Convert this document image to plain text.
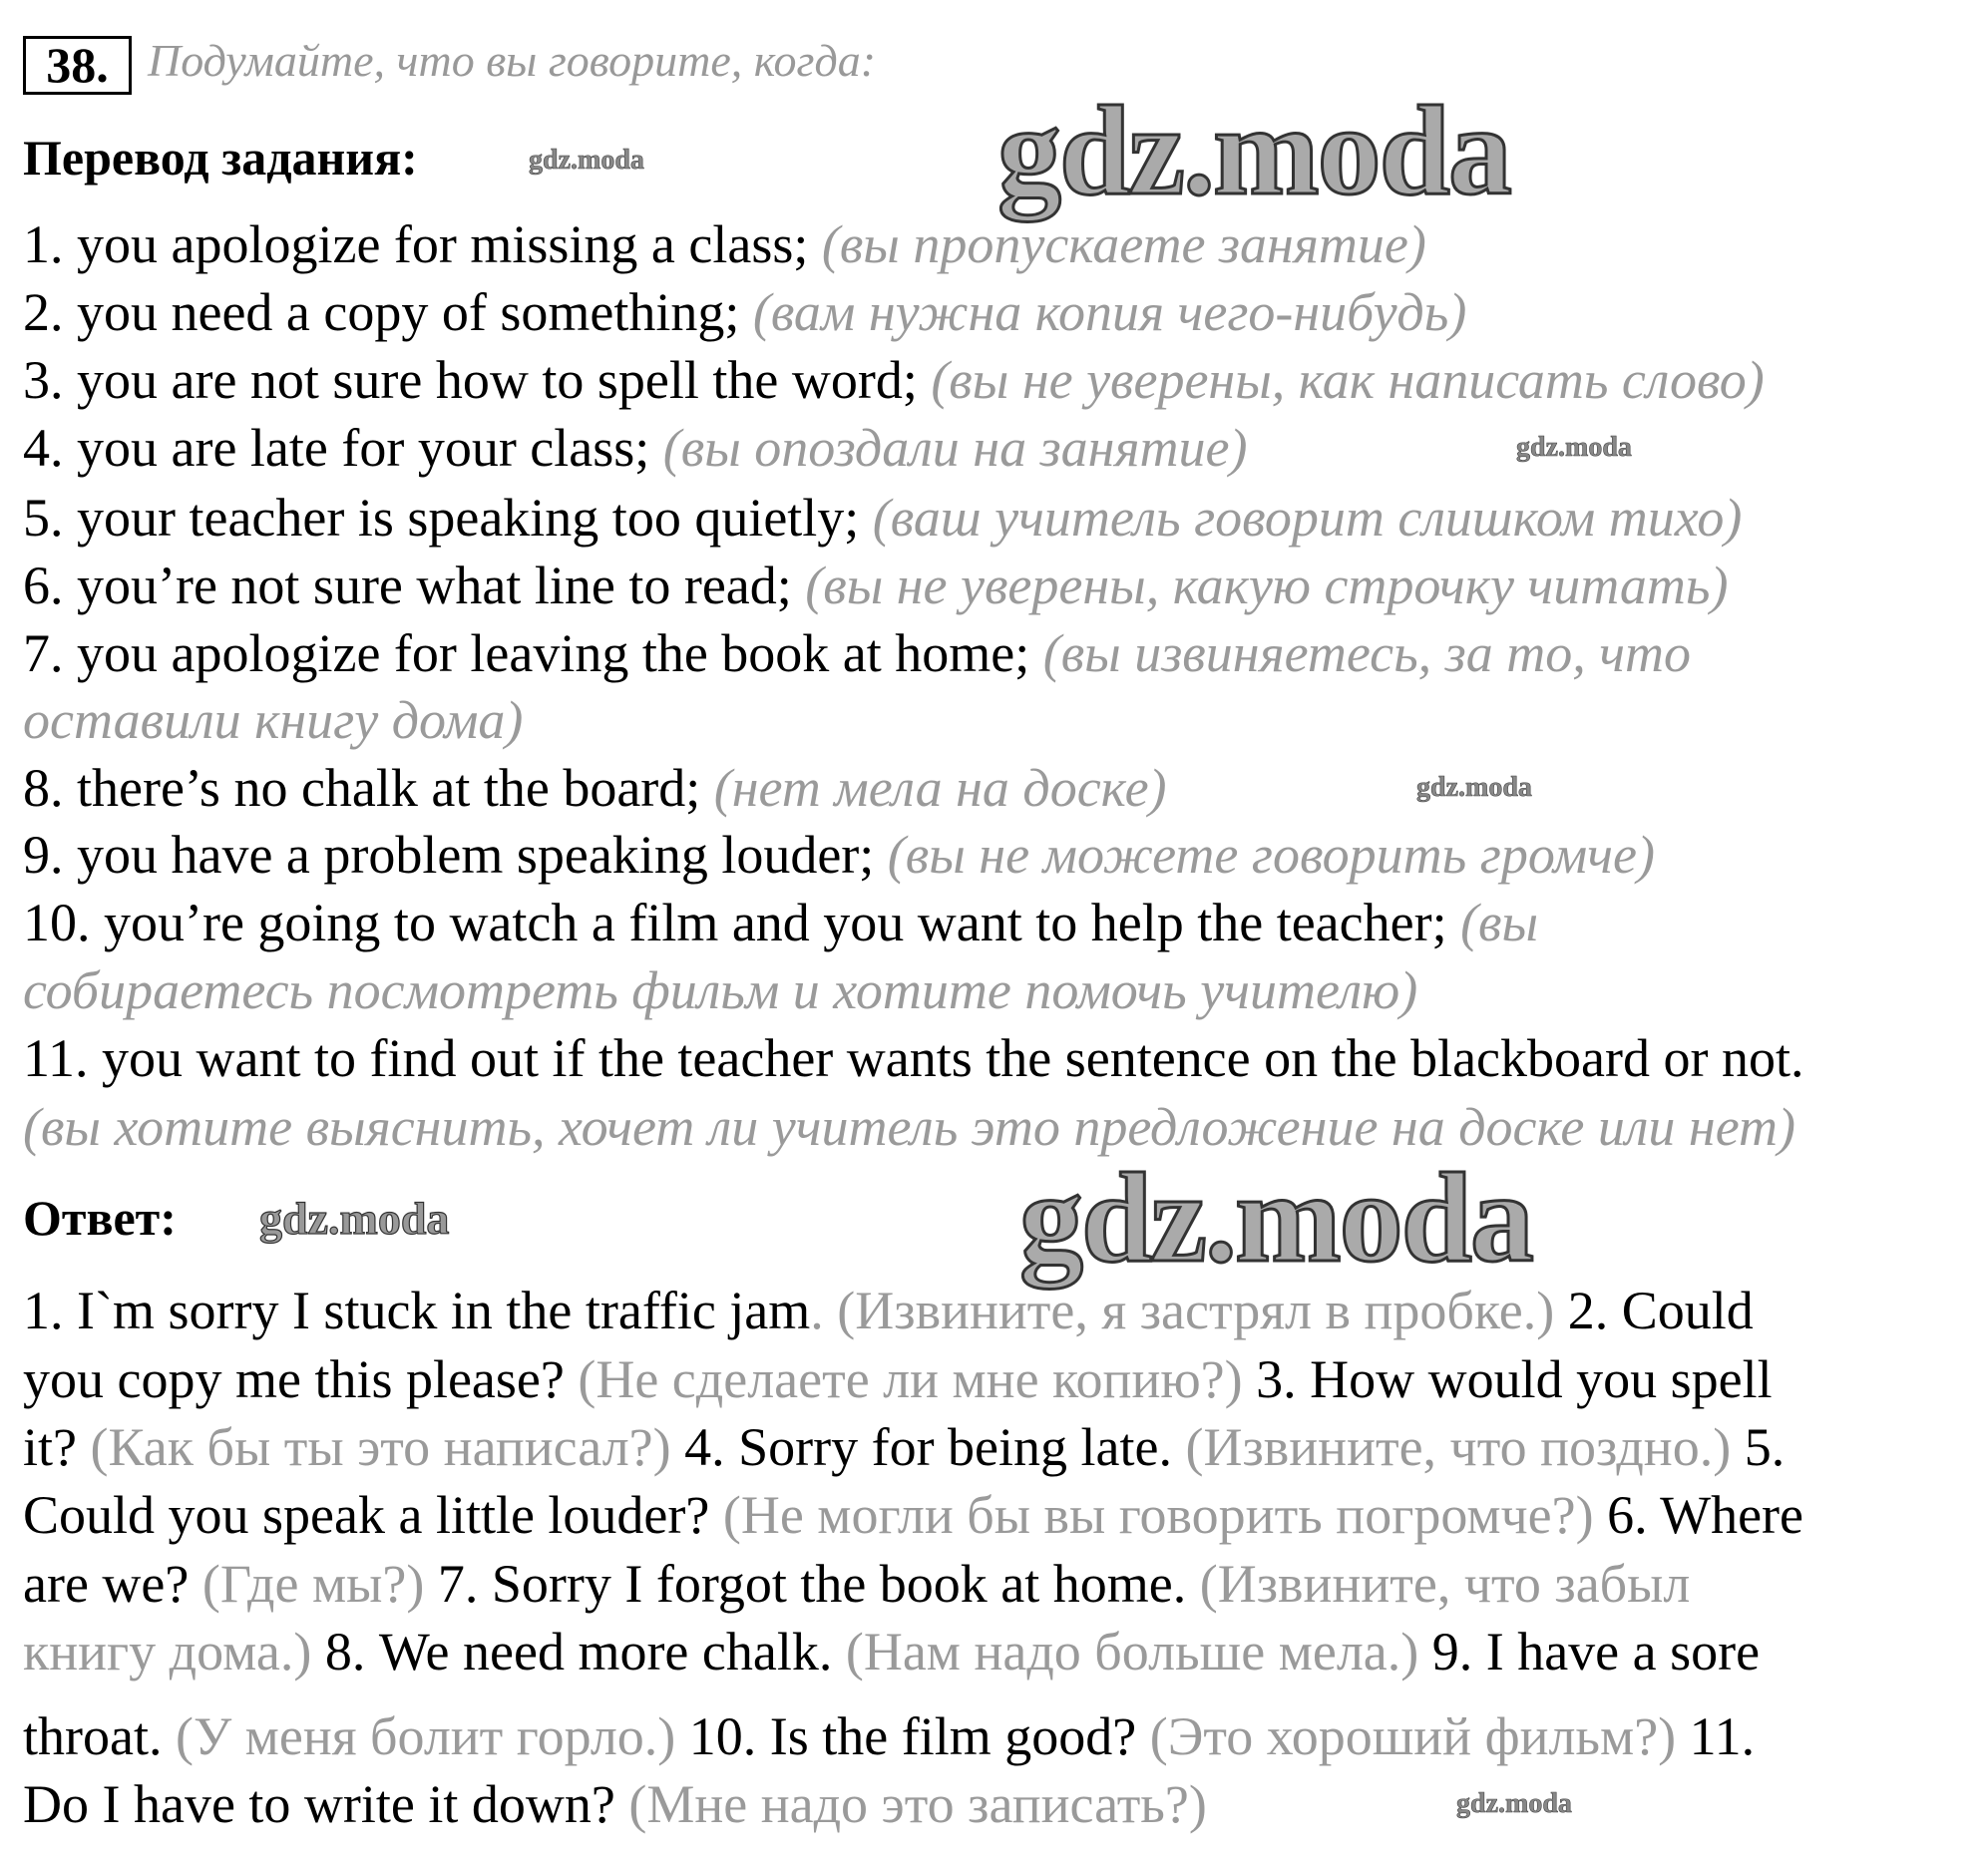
38. Подумайте, что вы говорите, когда:
Перевод задания:
1. you apologize for missing a class; (вы пропускаете занятие)
2. you need a copy of something; (вам нужна копия чего-нибудь)
3. you are not sure how to spell the word; (вы не уверены, как написать слово)
4. you are late for your class; (вы опоздали на занятие)
5. your teacher is speaking too quietly; (ваш учитель говорит слишком тихо)
6. you’re not sure what line to read; (вы не уверены, какую строчку читать)
7. you apologize for leaving the book at home; (вы извиняетесь, за то, что
оставили книгу дома)
8. there’s no chalk at the board; (нет мела на доске)
9. you have a problem speaking louder; (вы не можете говорить громче)
10. you’re going to watch a film and you want to help the teacher; (вы
собираетесь посмотреть фильм и хотите помочь учителю)
11. you want to find out if the teacher wants the sentence on the blackboard or not.
(вы хотите выяснить, хочет ли учитель это предложение на доске или нет)
Ответ:
1. I`m sorry I stuck in the traffic jam. (Извините, я застрял в пробке.) 2. Could
you copy me this please? (Не сделаете ли мне копию?) 3. How would you spell
it? (Как бы ты это написал?) 4. Sorry for being late. (Извините, что поздно.) 5.
Could you speak a little louder? (Не могли бы вы говорить погромче?) 6. Where
are we? (Где мы?) 7. Sorry I forgot the book at home. (Извините, что забыл
книгу дома.) 8. We need more chalk. (Нам надо больше мела.) 9. I have a sore
throat. (У меня болит горло.) 10. Is the film good? (Это хороший фильм?) 11.
Do I have to write it down? (Мне надо это записать?)
gdz.moda
gdz.moda
gdz.moda
gdz.moda
gdz.moda
gdz.moda
gdz.moda
